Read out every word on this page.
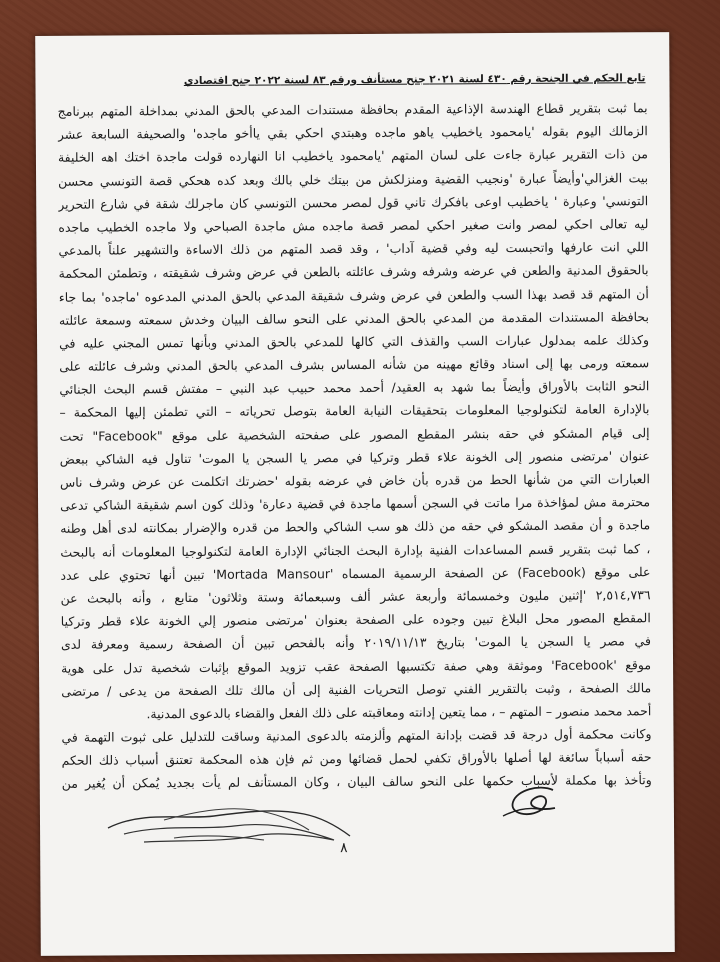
تابع الحكم في الجنحة رقم ٤٣٠ لسنة ٢٠٢١ جنح مستأنف ورقم ٨٣ لسنة ٢٠٢٢ جنح اقتصادي
بما ثبت بتقرير قطاع الهندسة الإذاعية المقدم بحافظة مستندات المدعي بالحق المدني بمداخلة المتهم ببرنامج
الزمالك اليوم بقوله 'يامحمود ياخطيب ياهو ماجده وهبتدي احكي بقي ياأخو ماجده' والصحيفة السابعة عشر
من ذات التقرير عبارة جاءت على لسان المتهم 'يامحمود ياخطيب انا النهارده قولت ماجدة اختك اهه الخليفة
بيت الغزالي'وأيضاً عبارة 'ونجيب القضية ومنزلكش من بيتك خلي بالك وبعد كده هحكي قصة التونسي محسن
التونسي' وعبارة ' ياخطيب اوعى بافكرك تاني قول لمصر محسن التونسي كان ماجرلك شقة في شارع التحرير
ليه تعالى احكي لمصر وانت صغير احكي لمصر قصة ماجده مش ماجدة الصباحي ولا ماجده الخطيب ماجده
اللي انت عارفها واتحبست ليه وفي قضية آداب' ، وقد قصد المتهم من ذلك الاساءة والتشهير علناً بالمدعي
بالحقوق المدنية والطعن في عرضه وشرفه وشرف عائلته بالطعن في عرض وشرف شقيقته ، وتطمئن المحكمة
أن المتهم قد قصد بهذا السب والطعن في عرض وشرف شقيقة المدعي بالحق المدني المدعوه 'ماجده' بما جاء
بحافظة المستندات المقدمة من المدعي بالحق المدني على النحو سالف البيان وخدش سمعته وسمعة عائلته
وكذلك علمه بمدلول عبارات السب والقذف التي كالها للمدعي بالحق المدني وبأنها تمس المجني عليه في
سمعته ورمى بها إلى اسناد وقائع مهينه من شأنه المساس بشرف المدعي بالحق المدني وشرف عائلته على
النحو الثابت بالأوراق وأيضاً بما شهد به العقيد/ أحمد محمد حبيب عبد النبي – مفتش قسم البحث الجنائي
بالإدارة العامة لتكنولوجيا المعلومات بتحقيقات النيابة العامة بتوصل تحرياته – التي تطمئن إليها المحكمة –
إلى قيام المشكو في حقه بنشر المقطع المصور على صفحته الشخصية على موقع "Facebook" تحت
عنوان 'مرتضى منصور إلى الخونة علاء قطر وتركيا في مصر يا السجن يا الموت' تناول فيه الشاكي ببعض
العبارات التي من شأنها الحط من قدره بأن خاض في عرضه بقوله 'حضرتك اتكلمت عن عرض وشرف ناس
محترمة مش لمؤاخذة مرا ماتت في السجن أسمها ماجدة في قضية دعارة' وذلك كون اسم شقيقة الشاكي تدعى
ماجدة و أن مقصد المشكو في حقه من ذلك هو سب الشاكي والحط من قدره والإضرار بمكانته لدى أهل وطنه
، كما ثبت بتقرير قسم المساعدات الفنية بإدارة البحث الجنائي الإدارة العامة لتكنولوجيا المعلومات أنه بالبحث
على موقع (Facebook) عن الصفحة الرسمية المسماه 'Mortada Mansour' تبين أنها تحتوي على عدد
٢,٥١٤,٧٣٦ 'إثنين مليون وخمسمائة وأربعة عشر ألف وسبعمائة وستة وثلاثون' متابع ، وأنه بالبحث عن
المقطع المصور محل البلاغ تبين وجوده على الصفحة بعنوان 'مرتضى منصور إلي الخونة علاء قطر وتركيا
في مصر يا السجن يا الموت' بتاريخ ٢٠١٩/١١/١٣ وأنه بالفحص تبين أن الصفحة رسمية ومعرفة لدى
موقع 'Facebook' وموثقة وهي صفة تكتسبها الصفحة عقب تزويد الموقع بإثبات شخصية تدل على هوية
مالك الصفحة ، وثبت بالتقرير الفني توصل التحريات الفنية إلى أن مالك تلك الصفحة من يدعى / مرتضى
أحمد محمد منصور – المتهم – ، مما يتعين إدانته ومعاقبته على ذلك الفعل والقضاء بالدعوى المدنية.
وكانت محكمة أول درجة قد قضت بإدانة المتهم وألزمته بالدعوى المدنية وساقت للتدليل على ثبوت التهمة في
حقه أسباباً سائغة لها أصلها بالأوراق تكفي لحمل قضائها ومن ثم فإن هذه المحكمة تعتنق أسباب ذلك الحكم
وتأخذ بها مكملة لأسباب حكمها على النحو سالف البيان ، وكان المستأنف لم يأت بجديد يُمكن أن يُغير من
٨
